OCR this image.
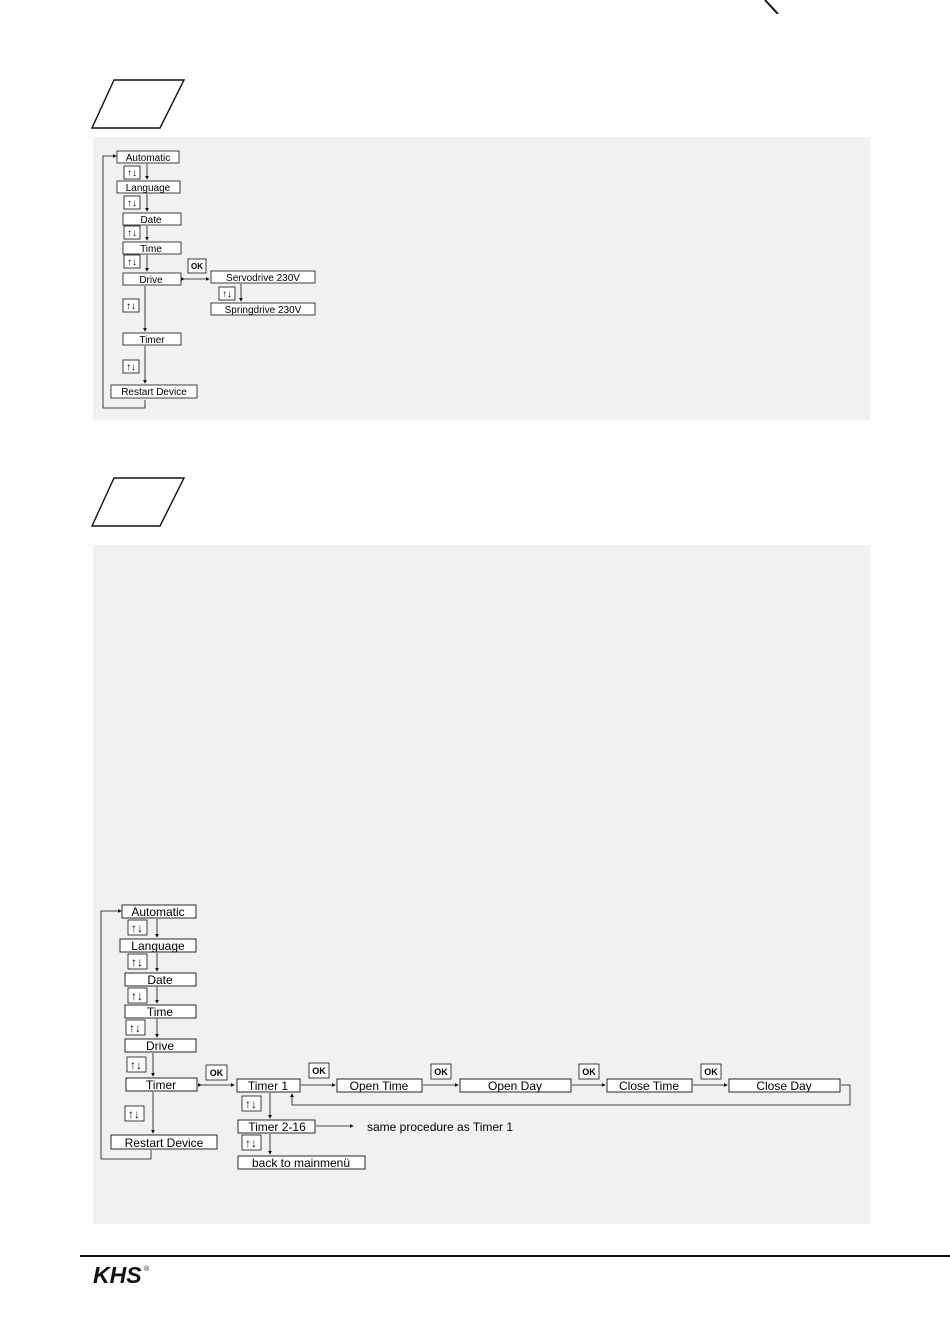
Automatic
Language
Date
Time
Drive
Timer
Restart Device
Servodrive 230V
Springdrive 230V
↑↓
↑↓
↑↓
↑↓
↑↓
↑↓
↑↓
OK
Automatic
Language
Date
Time
Drive
Timer
Restart Device
↑↓
↑↓
↑↓
↑↓
↑↓
↑↓
OK
Timer 1	Open Time	Open Day	Close Time	Close Day
OK	OK	OK	OK
↑↓
Timer 2-16	same procedure as Timer 1
↑↓
back to mainmenü
KHS ®
